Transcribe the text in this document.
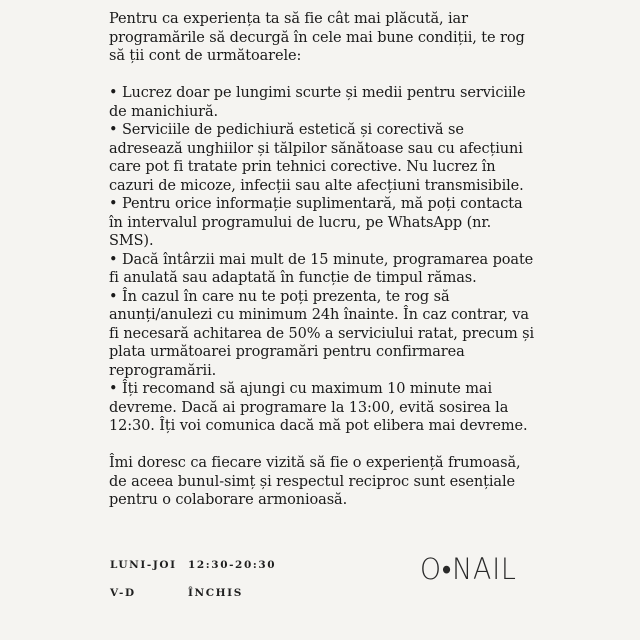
Pentru ca experiența ta să fie cât mai plăcută, iar programările să decurgă în cele mai bune condiții, te rog să ții cont de următoarele:

• Lucrez doar pe lungimi scurte și medii pentru serviciile de manichiură.

• Serviciile de pedichiură estetică și corectivă se adresează unghiilor și tălpilor sănătoase sau cu afecțiuni care pot fi tratate prin tehnici corective. Nu lucrez în cazuri de micoze, infecții sau alte afecțiuni transmisibile.

• Pentru orice informație suplimentară, mă poți contacta în intervalul programului de lucru, pe WhatsApp (nr. SMS).

• Dacă întârzii mai mult de 15 minute, programarea poate fi anulată sau adaptată în funcție de timpul rămas.

• În cazul în care nu te poți prezenta, te rog să anunți/anulezi cu minimum 24h înainte. În caz contrar, va fi necesară achitarea de 50% a serviciului ratat, precum și plata următoarei programări pentru confirmarea reprogramării.

• Îți recomand să ajungi cu maximum 10 minute mai devreme. Dacă ai programare la 13:00, evită sosirea la 12:30. Îți voi comunica dacă mă pot elibera mai devreme.

Îmi doresc ca fiecare vizită să fie o experiență frumoasă, de aceea bunul-simț și respectul reciproc sunt esențiale pentru o colaborare armonioasă.

LUNI-JOI 12:30-20:30
V-D	ÎNCHIS
O•NAIL
